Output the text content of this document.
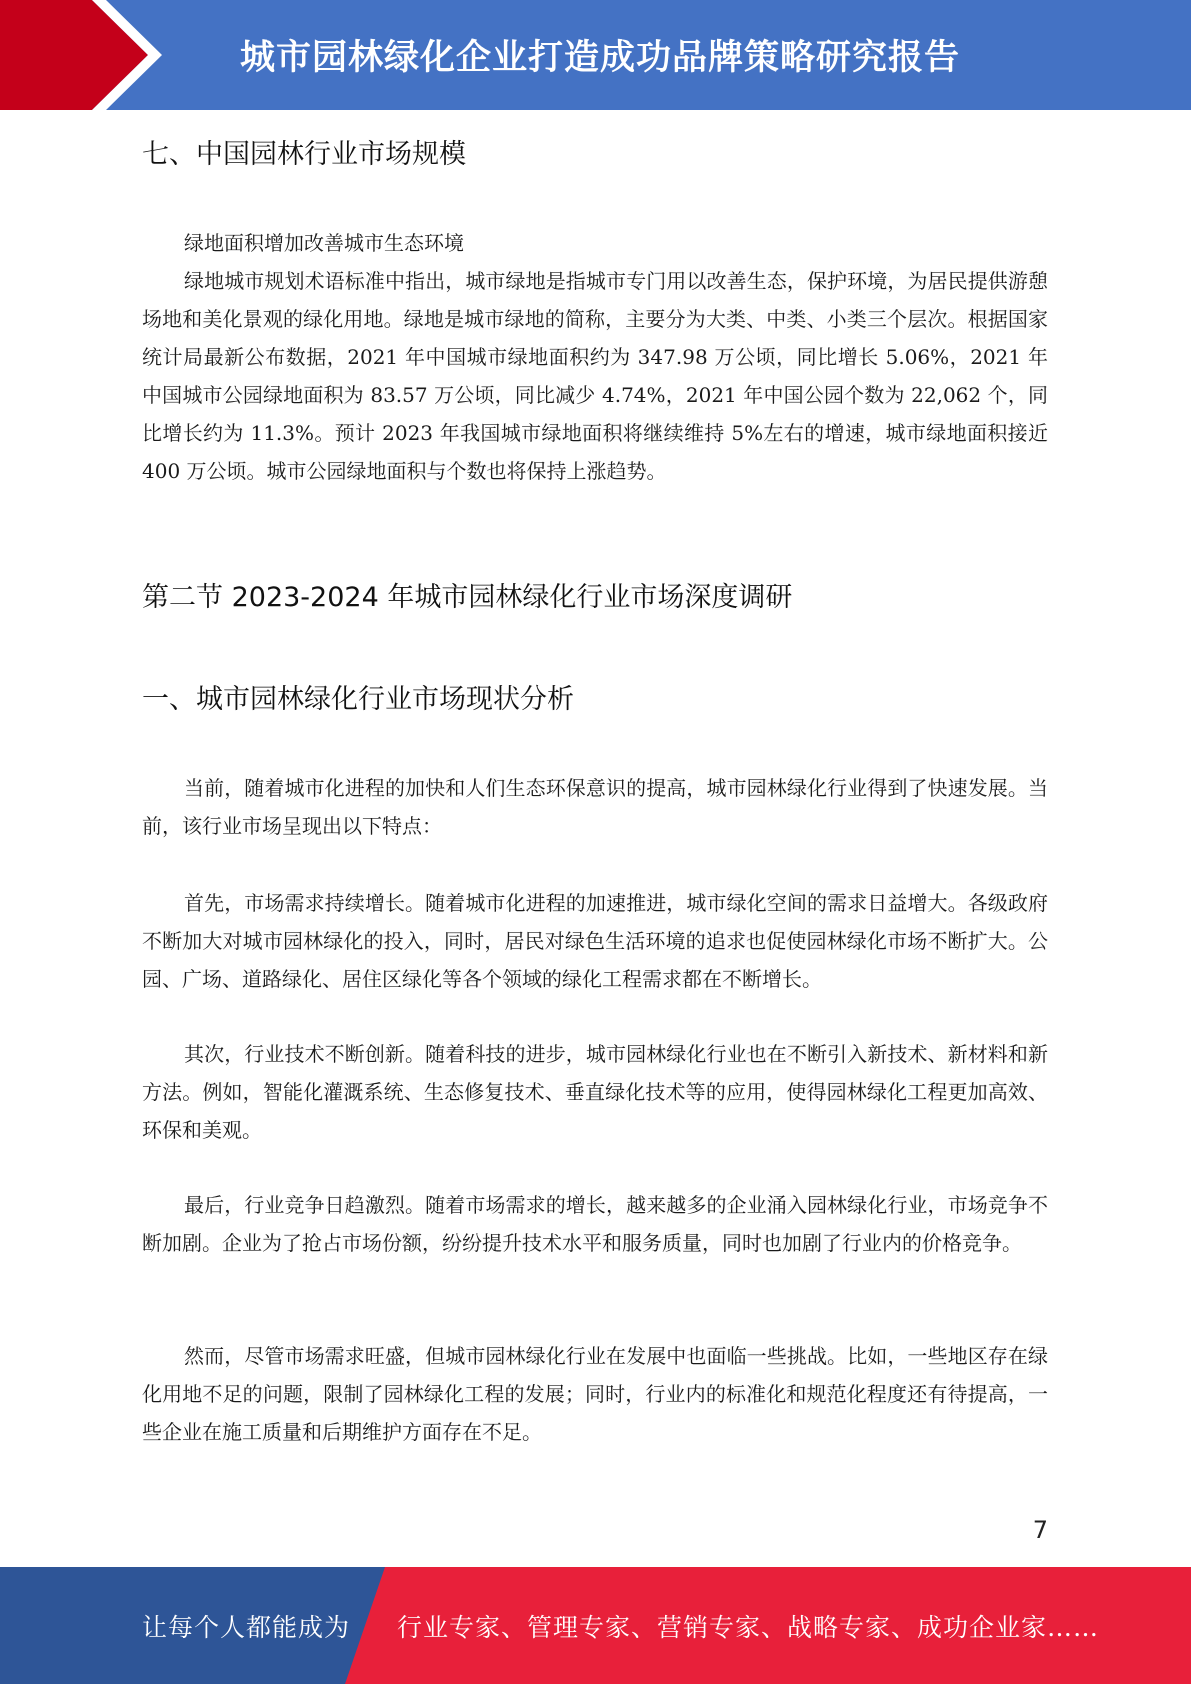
城市园林绿化企业打造成功品牌策略研究报告
七、中国园林行业市场规模

绿地面积增加改善城市生态环境

绿地城市规划术语标准中指出，城市绿地是指城市专门用以改善生态，保护环境，为居民提供游憩场地和美化景观的绿化用地。绿地是城市绿地的简称，主要分为大类、中类、小类三个层次。根据国家统计局最新公布数据，2021 年中国城市绿地面积约为 347.98 万公顷，同比增长 5.06%，2021 年中国城市公园绿地面积为 83.57 万公顷，同比减少 4.74%，2021 年中国公园个数为 22,062 个，同比增长约为 11.3%。预计 2023 年我国城市绿地面积将继续维持 5%左右的增速，城市绿地面积接近 400 万公顷。城市公园绿地面积与个数也将保持上涨趋势。

第二节 2023-2024 年城市园林绿化行业市场深度调研
一、城市园林绿化行业市场现状分析

当前，随着城市化进程的加快和人们生态环保意识的提高，城市园林绿化行业得到了快速发展。当前，该行业市场呈现出以下特点：

首先，市场需求持续增长。随着城市化进程的加速推进，城市绿化空间的需求日益增大。各级政府不断加大对城市园林绿化的投入，同时，居民对绿色生活环境的追求也促使园林绿化市场不断扩大。公园、广场、道路绿化、居住区绿化等各个领域的绿化工程需求都在不断增长。

其次，行业技术不断创新。随着科技的进步，城市园林绿化行业也在不断引入新技术、新材料和新方法。例如，智能化灌溉系统、生态修复技术、垂直绿化技术等的应用，使得园林绿化工程更加高效、环保和美观。

最后，行业竞争日趋激烈。随着市场需求的增长，越来越多的企业涌入园林绿化行业，市场竞争不断加剧。企业为了抢占市场份额，纷纷提升技术水平和服务质量，同时也加剧了行业内的价格竞争。

然而，尽管市场需求旺盛，但城市园林绿化行业在发展中也面临一些挑战。比如，一些地区存在绿化用地不足的问题，限制了园林绿化工程的发展；同时，行业内的标准化和规范化程度还有待提高，一些企业在施工质量和后期维护方面存在不足。

7
让每个人都能成为 行业专家、管理专家、营销专家、战略专家、成功企业家……
